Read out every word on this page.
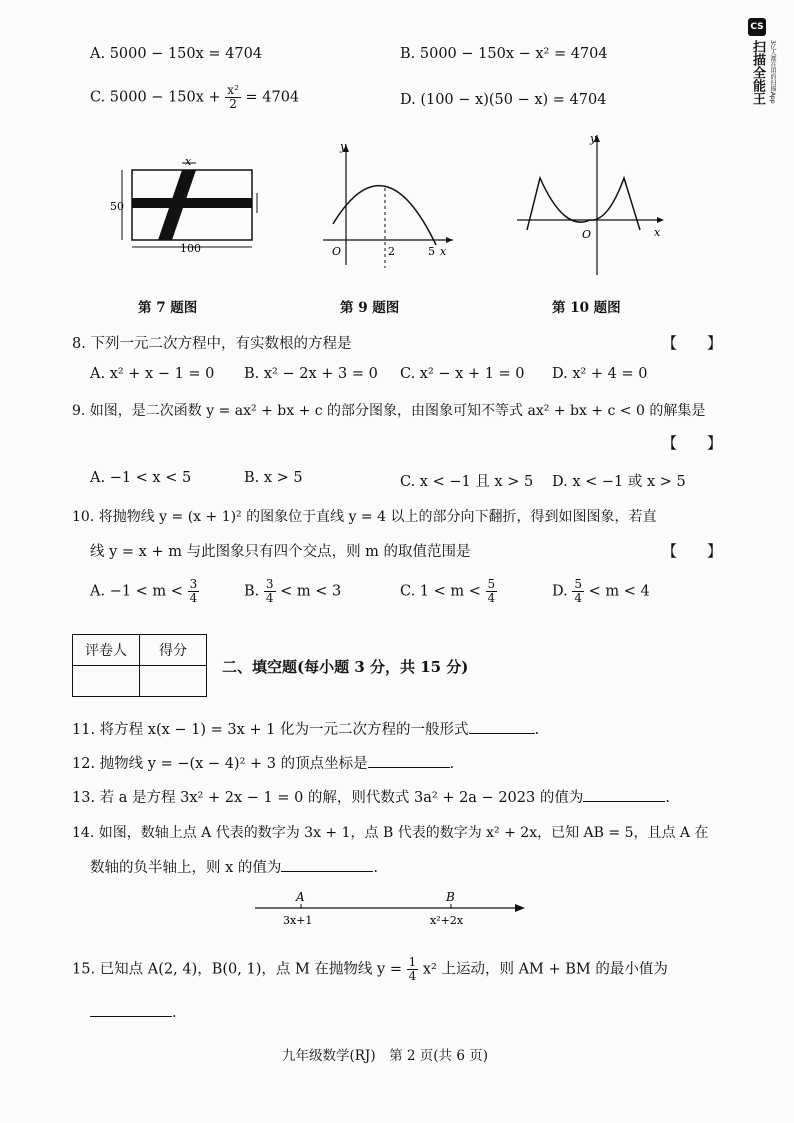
A. 5000 − 150x = 4704	B. 5000 − 150x − x² = 4704
C. $5000 - 150x + \frac{\text{x²}}{2} = 4704$	D. (100 − x)(50 − x) = 4704
50
100
x
第 7 题图
y
O	2	5 x
第 9 题图
y
O	x
第 10 题图
8. 下列一元二次方程中，有实数根的方程是	【　　】
A. x² + x − 1 = 0 B. x² − 2x + 3 = 0 C. x² − x + 1 = 0 D. x² + 4 = 0
9. 如图，是二次函数 y = ax² + bx + c 的部分图象，由图象可知不等式 ax² + bx + c < 0 的解集是
【　　】
A. −1 < x < 5	B. x > 5	C. x < −1 且 x > 5 D. x < −1 或 x > 5
10. 将抛物线 y = (x + 1)² 的图象位于直线 y = 4 以上的部分向下翻折，得到如图图象，若直
线 y = x + m 与此图象只有四个交点，则 m 的取值范围是	【　　】
A. $-1 < m < \frac{3}{4}$	B. $\frac{3}{4} < m < 3$	C. $1 < m < \frac{5}{4}$	D. $\frac{5}{4} < m < 4$
评卷人	得分

二、填空题(每小题 3 分，共 15 分)
11. 将方程 x(x − 1) = 3x + 1 化为一元二次方程的一般形式	.
12. 抛物线 y = −(x − 4)² + 3 的顶点坐标是	.
13. 若 a 是方程 3x² + 2x − 1 = 0 的解，则代数式 3a² + 2a − 2023 的值为	.
14. 如图，数轴上点 A 代表的数字为 3x + 1，点 B 代表的数字为 x² + 2x，已知 AB = 5，且点 A 在
数轴的负半轴上，则 x 的值为	.
A
3x+1
B
x²+2x
15. 已知点 A(2, 4)，B(0, 1)，点 M 在抛物线 $y = \frac{1}{4} x^2$ 上运动，则 AM + BM 的最小值为
.
九年级数学(RJ)　第 2 页(共 6 页)
CS
扫描全能王 3亿人都在用的扫描App
